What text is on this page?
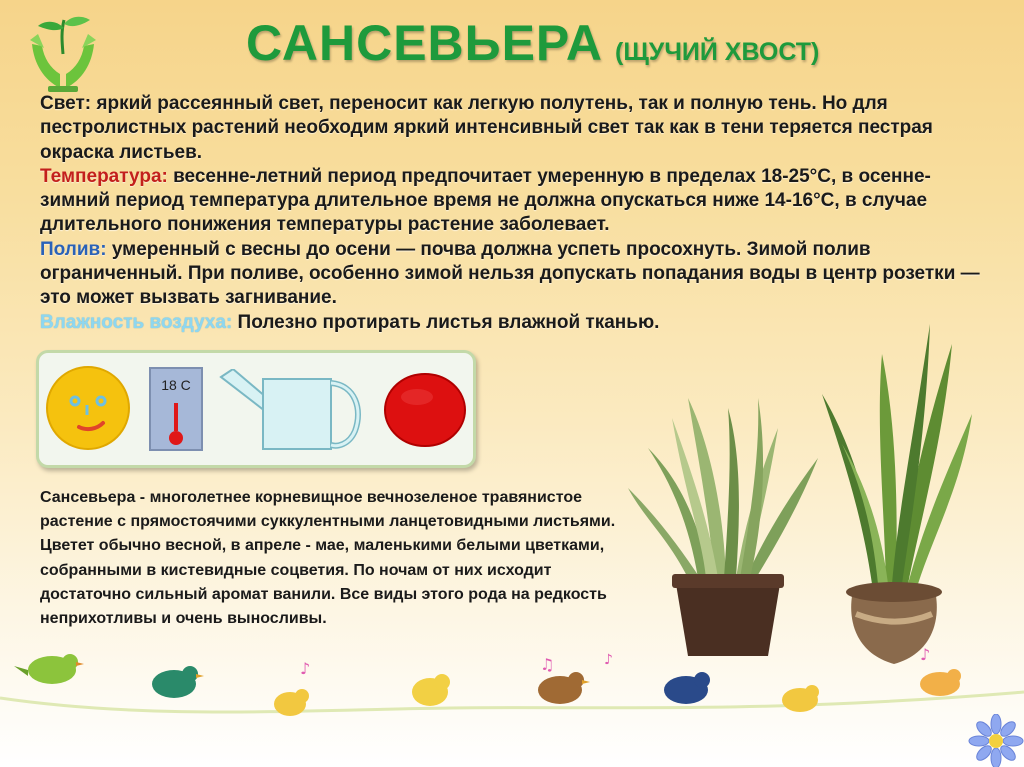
САНСЕВЬЕРА (ЩУЧИЙ ХВОСТ)

Свет: яркий рассеянный свет, переносит как легкую полутень, так и полную тень. Но для пестролистных растений необходим яркий интенсивный свет так как в тени теряется пестрая окраска листьев.

Температура: весенне-летний период предпочитает умеренную в пределах 18-25°С, в осенне-зимний период температура длительное время не должна опускаться ниже 14-16°С, в случае длительного понижения температуры растение заболевает.

Полив: умеренный с весны до осени — почва должна успеть просохнуть. Зимой полив ограниченный. При поливе, особенно зимой нельзя допускать попадания воды в центр розетки — это может вызвать загнивание.

Влажность воздуха: Полезно протирать листья влажной тканью.

18 С

Сансевьера - многолетнее корневищное вечнозеленое травянистое растение с прямостоячими суккулентными ланцетовидными листьями. Цветет обычно весной, в апреле - мае, маленькими белыми цветками, собранными в кистевидные соцветия. По ночам от них исходит достаточно сильный аромат ванили. Все виды этого рода на редкость неприхотливы и очень выносливы.

♪	♫	♪	♪
